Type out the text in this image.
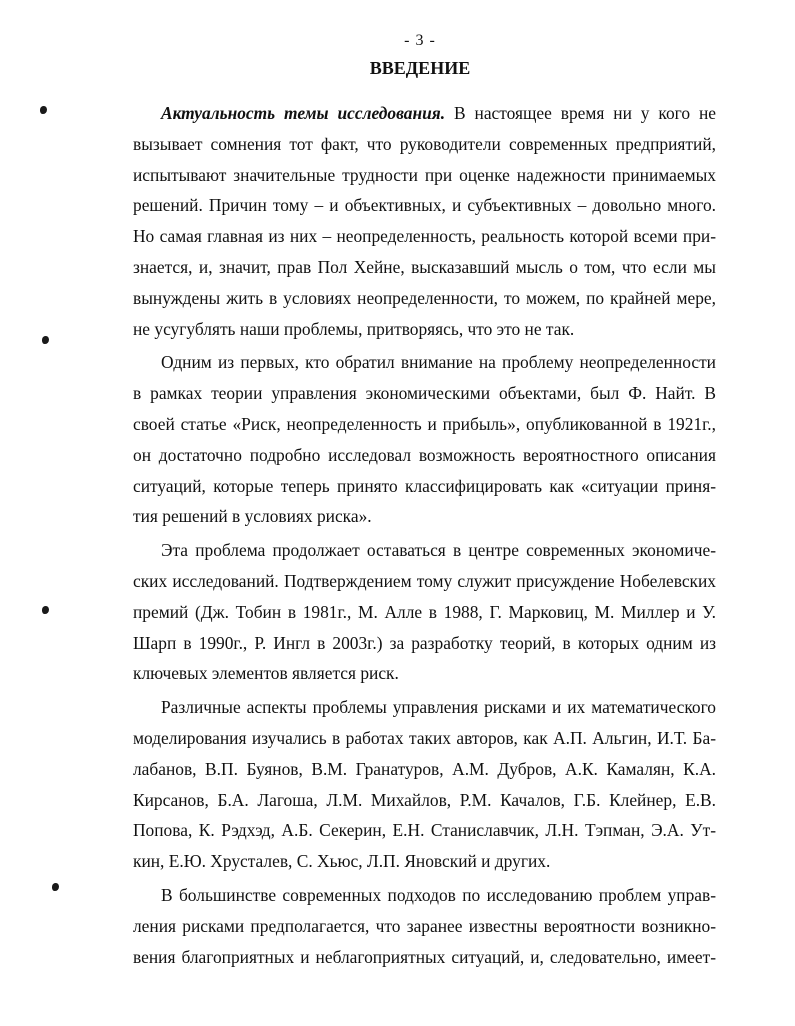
- 3 -
ВВЕДЕНИЕ
Актуальность темы исследования. В настоящее время ни у кого не
вызывает сомнения тот факт, что руководители современных предприятий,
испытывают значительные трудности при оценке надежности принимаемых
решений. Причин тому – и объективных, и субъективных – довольно много.
Но самая главная из них – неопределенность, реальность которой всеми при-
знается, и, значит, прав Пол Хейне, высказавший мысль о том, что если мы
вынуждены жить в условиях неопределенности, то можем, по крайней мере,
не усугублять наши проблемы, притворяясь, что это не так.
Одним из первых, кто обратил внимание на проблему неопределенности
в рамках теории управления экономическими объектами, был Ф. Найт. В
своей статье «Риск, неопределенность и прибыль», опубликованной в 1921г.,
он достаточно подробно исследовал возможность вероятностного описания
ситуаций, которые теперь принято классифицировать как «ситуации приня-
тия решений в условиях риска».
Эта проблема продолжает оставаться в центре современных экономиче-
ских исследований. Подтверждением тому служит присуждение Нобелевских
премий (Дж. Тобин в 1981г., М. Алле в 1988, Г. Марковиц, М. Миллер и У.
Шарп в 1990г., Р. Ингл в 2003г.) за разработку теорий, в которых одним из
ключевых элементов является риск.
Различные аспекты проблемы управления рисками и их математического
моделирования изучались в работах таких авторов, как А.П. Альгин, И.Т. Ба-
лабанов, В.П. Буянов, В.М. Гранатуров, А.М. Дубров, А.К. Камалян, К.А.
Кирсанов, Б.А. Лагоша, Л.М. Михайлов, Р.М. Качалов, Г.Б. Клейнер, Е.В.
Попова, К. Рэдхэд, А.Б. Секерин, Е.Н. Станиславчик, Л.Н. Тэпман, Э.А. Ут-
кин, Е.Ю. Хрусталев, С. Хьюс, Л.П. Яновский и других.
В большинстве современных подходов по исследованию проблем управ-
ления рисками предполагается, что заранее известны вероятности возникно-
вения благоприятных и неблагоприятных ситуаций, и, следовательно, имеет-
